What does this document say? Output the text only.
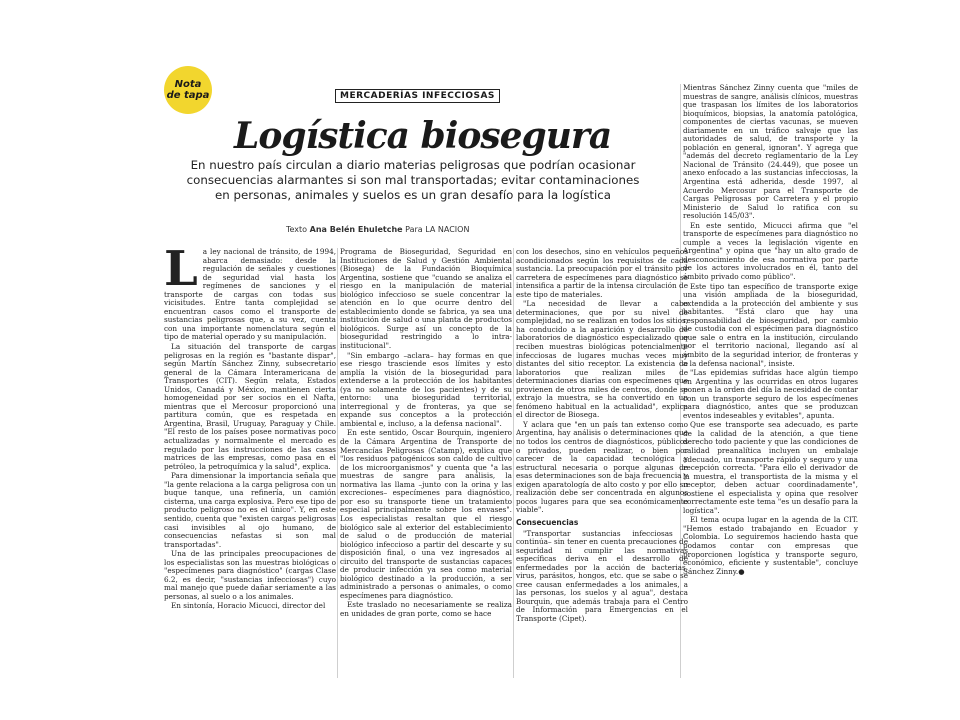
Nota
de tapa	MERCADERÍAS INFECCIOSAS
Logística biosegura
En nuestro país circulan a diario materias peligrosas que podrían ocasionar consecuencias alarmantes si son mal transportadas; evitar contaminaciones en personas, animales y suelos es un gran desafío para la logística
Texto Ana Belén Ehuletche Para LA NACION

La ley nacional de tránsito, de 1994, abarca demasiado: desde la regulación de señales y cuestiones de seguridad vial hasta los regímenes de sanciones y el transporte de cargas con todas sus vicisitudes. Entre tanta complejidad se encuentran casos como el transporte de sustancias peligrosas que, a su vez, cuenta con una importante nomenclatura según el tipo de material operado y su manipulación.

La situación del transporte de cargas peligrosas en la región es "bastante dispar", según Martín Sánchez Zinny, subsecretario general de la Cámara Interamericana de Transportes (CIT). Según relata, Estados Unidos, Canadá y México, mantienen cierta homogeneidad por ser socios en el Nafta, mientras que el Mercosur proporcionó una partitura común, que es respetada en Argentina, Brasil, Uruguay, Paraguay y Chile. "El resto de los países posee normativas poco actualizadas y normalmente el mercado es regulado por las instrucciones de las casas matrices de las empresas, como pasa en el petróleo, la petroquímica y la salud", explica.

Para dimensionar la importancia señala que "la gente relaciona a la carga peligrosa con un buque tanque, una refinería, un camión cisterna, una carga explosiva. Pero ese tipo de producto peligroso no es el único". Y, en este sentido, cuenta que "existen cargas peligrosas casi invisibles al ojo humano, de consecuencias nefastas si son mal transportadas".

Una de las principales preocupaciones de los especialistas son las muestras biológicas o "especímenes para diagnóstico" (cargas Clase 6.2, es decir, "sustancias infecciosas") cuyo mal manejo que puede dañar seriamente a las personas, al suelo o a los animales.

En sintonía, Horacio Micucci, director del

Programa de Bioseguridad, Seguridad en Instituciones de Salud y Gestión Ambiental (Biosega) de la Fundación Bioquímica Argentina, sostiene que "cuando se analiza el riesgo en la manipulación de material biológico infeccioso se suele concentrar la atención en lo que ocurre dentro del establecimiento donde se fabrica, ya sea una institución de salud o una planta de productos biológicos. Surge así un concepto de la bioseguridad restringido a lo intra-institucional".

"Sin embargo –aclara– hay formas en que ese riesgo trasciende esos límites y esto amplía la visión de la bioseguridad para extenderse a la protección de los habitantes (ya no solamente de los pacientes) y de su entorno: una bioseguridad territorial, interregional y de fronteras, ya que se expande sus conceptos a la protección ambiental e, incluso, a la defensa nacional".

En este sentido, Oscar Bourquin, ingeniero de la Cámara Argentina de Transporte de Mercancías Peligrosas (Catamp), explica que "los residuos patogénicos son caldo de cultivo de los microorganismos" y cuenta que "a las muestras de sangre para análisis, la normativa las llama –junto con la orina y las excreciones– especímenes para diagnóstico, por eso su transporte tiene un tratamiento especial principalmente sobre los envases". Los especialistas resaltan que el riesgo biológico sale al exterior del establecimiento de salud o de producción de material biológico infeccioso a partir del descarte y su disposición final, o una vez ingresados al circuito del transporte de sustancias capaces de producir infección ya sea como material biológico destinado a la producción, a ser administrado a personas o animales, o como especímenes para diagnóstico.

Este traslado no necesariamente se realiza en unidades de gran porte, como se hace

con los desechos, sino en vehículos pequeños acondicionados según los requisitos de cada sustancia. La preocupación por el tránsito por carretera de especímenes para diagnóstico se intensifica a partir de la intensa circulación de este tipo de materiales.

"La necesidad de llevar a cabo determinaciones, que por su nivel de complejidad, no se realizan en todos los sitios, ha conducido a la aparición y desarrollo de laboratorios de diagnóstico especializado que reciben muestras biológicas potencialmente infecciosas de lugares muchas veces muy distantes del sitio receptor. La existencia de laboratorios que realizan miles de determinaciones diarias con especímenes que provienen de otros miles de centros, donde se extrajo la muestra, se ha convertido en un fenómeno habitual en la actualidad", explica el director de Biosega.

Y aclara que "en un país tan extenso como Argentina, hay análisis o determinaciones que no todos los centros de diagnósticos, públicos o privados, pueden realizar, o bien por carecer de la capacidad tecnológica y estructural necesaria o porque algunas de esas determinaciones son de baja frecuencia y exigen aparatología de alto costo y por ello su realización debe ser concentrada en algunos pocos lugares para que sea económicamente viable".

Consecuencias

"Transportar sustancias infecciosas –continúa– sin tener en cuenta precauciones de seguridad ni cumplir las normativas específicas deriva en el desarrollo de enfermedades por la acción de bacterias, virus, parásitos, hongos, etc. que se sabe o se cree causan enfermedades a los animales, a las personas, los suelos y al agua", destaca Bourquin, que además trabaja para el Centro de Información para Emergencias en el Transporte (Cipet).

Mientras Sánchez Zinny cuenta que "miles de muestras de sangre, análisis clínicos, muestras que traspasan los límites de los laboratorios bioquímicos, biopsias, la anatomía patológica, componentes de ciertas vacunas, se mueven diariamente en un tráfico salvaje que las autoridades de salud, de transporte y la población en general, ignoran". Y agrega que "además del decreto reglamentario de la Ley Nacional de Tránsito (24.449), que posee un anexo enfocado a las sustancias infecciosas, la Argentina está adherida, desde 1997, al Acuerdo Mercosur para el Transporte de Cargas Peligrosas por Carretera y el propio Ministerio de Salud lo ratifica con su resolución 145/03".

En este sentido, Micucci afirma que "el transporte de especímenes para diagnóstico no cumple a veces la legislación vigente en Argentina" y opina que "hay un alto grado de desconocimiento de esa normativa por parte de los actores involucrados en él, tanto del ámbito privado como público".

Este tipo tan específico de transporte exige una visión ampliada de la bioseguridad, extendida a la protección del ambiente y sus habitantes. "Está claro que hay una responsabilidad de bioseguridad, por cambio de custodia con el espécimen para diagnóstico que sale o entra en la institución, circulando por el territorio nacional, llegando así al ámbito de la seguridad interior, de fronteras y a la defensa nacional", insiste.

"Las epidemias sufridas hace algún tiempo en Argentina y las ocurridas en otros lugares ponen a la orden del día la necesidad de contar con un transporte seguro de los especímenes para diagnóstico, antes que se produzcan eventos indeseables y evitables", apunta.

Que ese transporte sea adecuado, es parte de la calidad de la atención, a que tiene derecho todo paciente y que las condiciones de calidad preanalítica incluyen un embalaje adecuado, un transporte rápido y seguro y una recepción correcta. "Para ello el derivador de la muestra, el transportista de la misma y el receptor, deben actuar coordinadamente", sostiene el especialista y opina que resolver correctamente este tema "es un desafío para la logística".

El tema ocupa lugar en la agenda de la CIT. "Hemos estado trabajando en Ecuador y Colombia. Lo seguiremos haciendo hasta que podamos contar con empresas que proporcionen logística y transporte seguro, económico, eficiente y sustentable", concluye Sánchez Zinny.●
